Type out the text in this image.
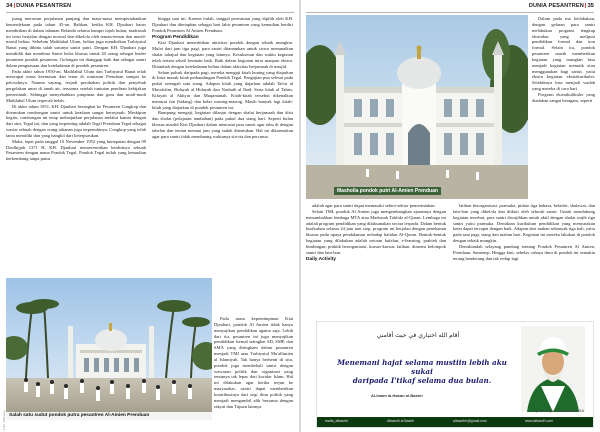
34|DUNIA PESANTREN

juang merawan perjalanan panjang dan masa-masa mempertahankan kemerdekaan pada tahun 45-an. Bahkan, ketika KH. Djauhari harus mendirikan di dalam tahanan Belanda selama hampir tujuh bulan, madrasah ini terus berjalan dengan normal dan dikelola oleh teman-teman dan murid-murid beliau. Sebelum Mathlabul Ulum, beliau juga mendirikan Tarbiyatul Banat yang dibina salah satunya santri putri. Dengan KH. Djauhari juga mendidik dan membina Santri kelas khusus untuk 20 orang sebagai leader pesantren pondok pesantren. Golongan ini dianggap baik dan sebagai santri dalam penguasaan dan keteladanan di pondok pesantren.

Pada akhir tahun 1950-an, Mathlabul Ulum dan Tarbiyatul Banat telah mencapai masa keemasan dan tenar di wantaran Prenduan sampai ke pelosoknya. Namun sayang, terjadi perubahan politik dan penyebab pergolakan umat di tanah air, terutama setelah tuntutan pendiran kebijakan pemerintah. Sehingga menyebabkan pimpinan dan guru dan mudi-mudi Mathlabul Ulum terpecah belah.

Di akhir tahun 1951, KH. Djauhari berangkat ke Pesantren Congkop dan ditemukan rombongan santri untuk keadaan sangat bersejarah. Meskipun begitu, rombongan ini tetap melanjutkan perjalanan melalui kamar dengan dari sini, Tegal ini, dan yang terpenting adalah Tegal Prenduan Tegal sebagai wasiat sebuah dengan orang tahanan juga terpenuhinya, Congkop yang telah lama memiliki dan yang bangkit dari keterpurukan.

Maka, tepat pada tanggal 10 November 1952 yang bertepatan dengan 09 Dzulhijjah 1371 H, KH. Djauhari memeresmikan berdirinya sebuah Pesantren dengan nama Pondok Tegal. Pondok Tegal inilah yang kemudian berkembang tanpa putus

hingga saat ini. Karena itulah, tanggal peresmian yang dipilih oleh KH. Djauhari dan ditetapkan sebagai hari lahir pesantren yang kemudian berdiri Pondok Pesantren Al Amien Prenduan.

Program Pendidikan

Kiai Djauhari menerbitkan aktivitas pondok dengan sebaik mungkin. Mulai dari jam tiga pagi, para santri ditanamkan untuk siswa menunaikan shalat tahajud dan kegiatan yang lainnya. Kesuksesan dan waktu kegiatan telah tertata sekali bermain baik. Baik dalam kegiatan intra maupun ekstra. Ditambah dengan keteladanan beliau dalam aktivitas berjamaah di masjid.

Selain palsuk daripada pagi, mereka mengaji kitab kuning yang diajarkan di Intra masuk kitab perbandingan Pondok Tegal. Pengajian pun selesai pada pukul setengah satu siang. Adapun kitab yang dajarkan adalah Tafsir al Mutafsfim, Bidayah al Hidayah dan Nashaih al Ibad. Serta kitab al Tahrir, Kifayah al Akhyar dan Muqamanah. Kitab-kitab tersebut dikenalkan menurut fan (bidang) dan kelas masing-masing. Masih banyak lagi kitab-kitab yang diajarkan di pondok pesantren ini.

Rampung mengaji, kegiatan dilanjut dengan shalat berjamaah dan diisi dan sholat (pelajaran tambahan) pada pukul dua siang hari. Seperti bulan khusus maulid Kiai Djauhari dalam mencatat para santri agar tahu di dengan tabelan dan tentan menuai jam yang sudah ditentukan. Hal ini dikarenakan agar para santri tidak membuang waktunya sia-sia dan percuma.

Pada masa kepemimpinan Kiai Djauhari, pondok Al Amien tidak hanya menyajikan pendidikan agama saja. Lebih dari itu, pesantren ini juga menyajikan pendidikan formal setingkat SD, SMP, dan SMA yang diringkam dalam pesantren menjadi TMI atau Tarbiyatul Mu'allimien al Islamiyah. Tak hanya berhenti di situ, pondok juga membekali santri dengan wawasan politik dan organisasi yang tentunya tak lepas dari koridor Islam. Hal ini dilakukan agar ketika terjun ke masyarakat, santri dapat memberikan kontribusinya dari segi ilmu politik yang menjadi mengambil alih bersama dengan rakyat dan Tujuan lainnya

Salah satu sudut pondok putra pesantren Al-Amien Prenduan
Foto: Istimewa
DUNIA PESANTREN|35
Masholla pondok putri Al-Amien Prenduan

Dalam pada ma keilakukan, dengan gelaran para santri melakukan program lengkap ekstrakur yang meliputi pendidikan formal dan non formal. Selain itu, pondok pesantren masih memberikan kegiatan yang mungkin bisa menjadi kegiatan menarik atau menggunakan bagi santri, yaitu ekstra kegiatan ekstrakurikuler. Setidaknya bisa menjadi wadah yang mereka di cara hari.

Program ekstrakulikuler yang diadakan sangat beragam, seperti

adalah agar para santri dapat memasuki sektor-sektor pemerintahan.

Selain TMI, pondok Al Amien juga mengembangkan ajarannya dengan menambahkan lembaga MTA atau Madrasah Tahfidz al-Quran. Lembaga ini adalah program pendidikan yang dilaksanakan secara terpadu. Dalam bentuk kurikulum selama 24 jam non stop, program ini berjalan dengan penekanan khusus pada upaya pendalaman terhadap hafalan Al-Quran. Bentuk-bentuk kegiatan yang dilakukan adalah setoran hafalan, e-learning, praktek dan bimbingan, praktik berorganisasi, kursus-kursus, latihan, dimensi kelompok santri dan lain-lain.

Daily Activity

latihan berorganisasi, pramuka, pidato tiga bahasa, beladiri, shalawat, dan lain-lain yang dikelola dan diikuti oleh seluruh santri. Untuk mendukung kegiatan tersebut, para santri diwajibkan untuk aktif dengan shalat wajib tiga santri yaitu pramuka. Demikian kurikulum pendidikan yang menyatakan ketat dapat tercapai dengan baik. Adapun dari makan sebanyak tiga kali, yaitu pada saat pagi, siang dan malam hari. Kegiatan ini mereka lakukan di pondok dengan sebaik mungkin.

Demikianlah selayang pandang tentang Pondok Pesantren Al Amien, Prenduan, Sumenep. Hingga kini, sebelas cahaya ilmu di pondok ini semakin terang benderang dan tak redup lagi.

أقام الله اختياري في حيث أقامني
Menemani hajat selama mustiin lebih aku sukai
daripada I'tikaf selama dua bulan.
Al-Imam al-Hasan al-Bashri
Syekh Hujan al-Habibah, USA
mafia_albasrih	Albasrih al Basrih	albasrihh@gmail.com	www.albasrih.com
